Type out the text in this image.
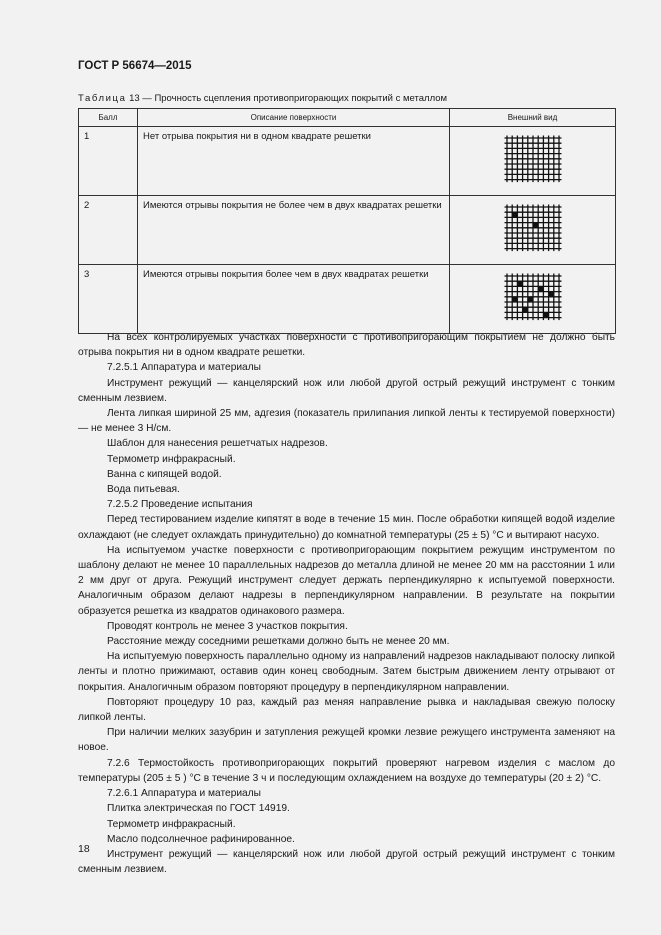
ГОСТ Р 56674—2015
Таблица 13 — Прочность сцепления противопригорающих покрытий с металлом
Балл	Описание поверхности	Внешний вид
1	Нет отрыва покрытия ни в одном квадрате решетки	
2	Имеются отрывы покрытия не более чем в двух квадратах решетки	
3	Имеются отрывы покрытия более чем в двух квадратах решетки	

На всех контролируемых участках поверхности с противопригорающим покрытием не должно быть отрыва покрытия ни в одном квадрате решетки.

7.2.5.1 Аппаратура и материалы

Инструмент режущий — канцелярский нож или любой другой острый режущий инструмент с тонким сменным лезвием.

Лента липкая шириной 25 мм, адгезия (показатель прилипания липкой ленты к тестируемой поверхности) — не менее 3 Н/см.

Шаблон для нанесения решетчатых надрезов.

Термометр инфракрасный.

Ванна с кипящей водой.

Вода питьевая.

7.2.5.2 Проведение испытания

Перед тестированием изделие кипятят в воде в течение 15 мин. После обработки кипящей водой изделие охлаждают (не следует охлаждать принудительно) до комнатной температуры (25 ± 5) °С и вытирают насухо.

На испытуемом участке поверхности с противопригорающим покрытием режущим инструментом по шаблону делают не менее 10 параллельных надрезов до металла длиной не менее 20 мм на расстоянии 1 или 2 мм друг от друга. Режущий инструмент следует держать перпендикулярно к испытуемой поверхности. Аналогичным образом делают надрезы в перпендикулярном направлении. В результате на покрытии образуется решетка из квадратов одинакового размера.

Проводят контроль не менее 3 участков покрытия.

Расстояние между соседними решетками должно быть не менее 20 мм.

На испытуемую поверхность параллельно одному из направлений надрезов накладывают полоску липкой ленты и плотно прижимают, оставив один конец свободным. Затем быстрым движением ленту отрывают от покрытия. Аналогичным образом повторяют процедуру в перпендикулярном направлении.

Повторяют процедуру 10 раз, каждый раз меняя направление рывка и накладывая свежую полоску липкой ленты.

При наличии мелких зазубрин и затупления режущей кромки лезвие режущего инструмента заменяют на новое.

7.2.6 Термостойкость противопригорающих покрытий проверяют нагревом изделия с маслом до температуры (205 ± 5 ) °С в течение 3 ч и последующим охлаждением на воздухе до температуры (20 ± 2) °С.

7.2.6.1 Аппаратура и материалы

Плитка электрическая по ГОСТ 14919.

Термометр инфракрасный.

Масло подсолнечное рафинированное.

Инструмент режущий — канцелярский нож или любой другой острый режущий инструмент с тонким сменным лезвием.

18
